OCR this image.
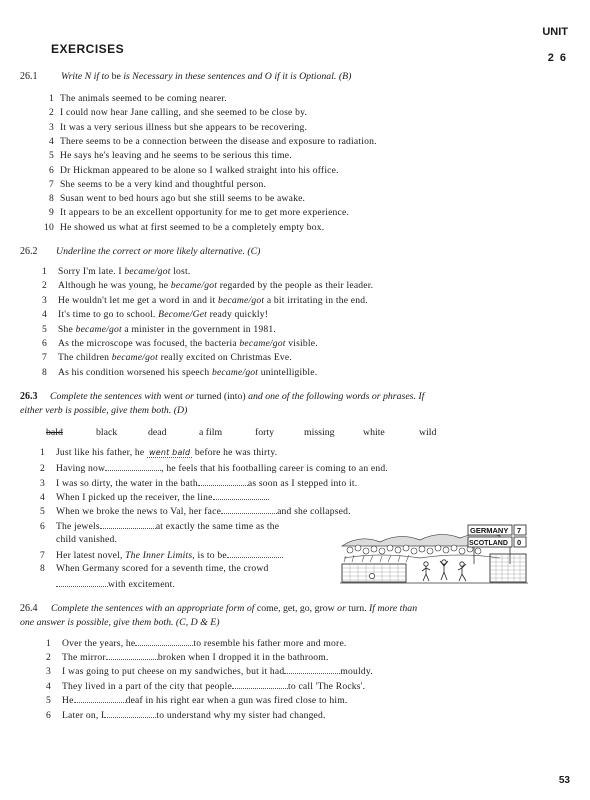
UNIT
26
EXERCISES
26.1 Write N if to be is Necessary in these sentences and O if it is Optional. (B)
1 The animals seemed to be coming nearer.
2 I could now hear Jane calling, and she seemed to be close by.
3 It was a very serious illness but she appears to be recovering.
4 There seems to be a connection between the disease and exposure to radiation.
5 He says he's leaving and he seems to be serious this time.
6 Dr Hickman appeared to be alone so I walked straight into his office.
7 She seems to be a very kind and thoughtful person.
8 Susan went to bed hours ago but she still seems to be awake.
9 It appears to be an excellent opportunity for me to get more experience.
10 He showed us what at first seemed to be a completely empty box.
26.2 Underline the correct or more likely alternative. (C)
1 Sorry I'm late. I became/got lost.
2 Although he was young, he became/got regarded by the people as their leader.
3 He wouldn't let me get a word in and it became/got a bit irritating in the end.
4 It's time to go to school. Become/Get ready quickly!
5 She became/got a minister in the government in 1981.
6 As the microscope was focused, the bacteria became/got visible.
7 The children became/got really excited on Christmas Eve.
8 As his condition worsened his speech became/got unintelligible.
26.3 Complete the sentences with went or turned (into) and one of the following words or phrases. If
either verb is possible, give them both. (D)
bald	black	dead	a film	forty	missing	white	wild
1 Just like his father, he went bald before he was thirty.
2 Having now	, he feels that his footballing career is coming to an end.
3 I was so dirty, the water in the bath	as soon as I stepped into it.
4 When I picked up the receiver, the line
5 When we broke the news to Val, her face	and she collapsed.
6 The jewels	at exactly the same time as the
child vanished.
7 Her latest novel, The Inner Limits, is to be
8 When Germany scored for a seventh time, the crowd
with excitement.
GERMANY 7
SCOTLAND 0
26.4 Complete the sentences with an appropriate form of come, get, go, grow or turn. If more than
one answer is possible, give them both. (C, D & E)
1 Over the years, he	to resemble his father more and more.
2 The mirror	broken when I dropped it in the bathroom.
3 I was going to put cheese on my sandwiches, but it had	mouldy.
4 They lived in a part of the city that people	to call 'The Rocks'.
5 He	deaf in his right ear when a gun was fired close to him.
6 Later on, I	to understand why my sister had changed.
53
